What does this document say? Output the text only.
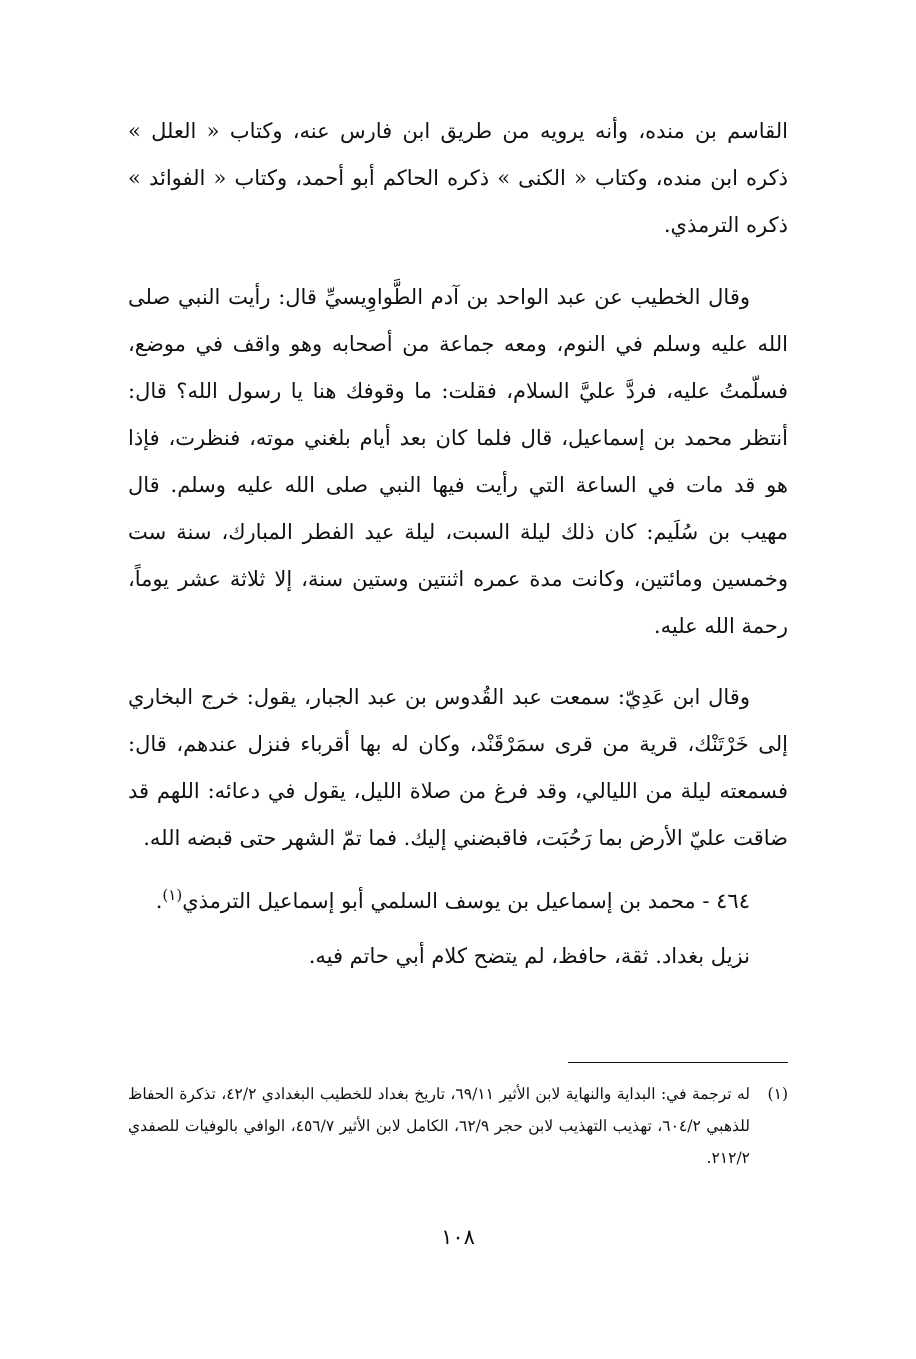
القاسم بن منده، وأنه يرويه من طريق ابن فارس عنه، وكتاب « العلل » ذكره ابن منده، وكتاب « الكنى » ذكره الحاكم أبو أحمد، وكتاب « الفوائد » ذكره الترمذي.

وقال الخطيب عن عبد الواحد بن آدم الطَّواوِيسيِّ قال: رأيت النبي صلى الله عليه وسلم في النوم، ومعه جماعة من أصحابه وهو واقف في موضع، فسلّمتُ عليه، فردَّ عليَّ السلام، فقلت: ما وقوفك هنا يا رسول الله؟ قال: أنتظر محمد بن إسماعيل، قال فلما كان بعد أيام بلغني موته، فنظرت، فإذا هو قد مات في الساعة التي رأيت فيها النبي صلى الله عليه وسلم. قال مهيب بن سُلَيم: كان ذلك ليلة السبت، ليلة عيد الفطر المبارك، سنة ست وخمسين ومائتين، وكانت مدة عمره اثنتين وستين سنة، إلا ثلاثة عشر يوماً، رحمة الله عليه.

وقال ابن عَدِيّ: سمعت عبد القُدوس بن عبد الجبار، يقول: خرج البخاري إلى خَرْتَنْك، قرية من قرى سمَرْقَنْد، وكان له بها أقرباء فنزل عندهم، قال: فسمعته ليلة من الليالي، وقد فرغ من صلاة الليل، يقول في دعائه: اللهم قد ضاقت عليّ الأرض بما رَحُبَت، فاقبضني إليك. فما تمّ الشهر حتى قبضه الله.

٤٦٤ - محمد بن إسماعيل بن يوسف السلمي أبو إسماعيل الترمذي$^{(١)}$.

نزيل بغداد. ثقة، حافظ، لم يتضح كلام أبي حاتم فيه.

(١)
له ترجمة في: البداية والنهاية لابن الأثير ٦٩/١١، تاريخ بغداد للخطيب البغدادي ٤٢/٢، تذكرة الحفاظ للذهبي ٦٠٤/٢، تهذيب التهذيب لابن حجر ٦٢/٩، الكامل لابن الأثير ٤٥٦/٧، الوافي بالوفيات للصفدي ٢١٢/٢.
١٠٨
